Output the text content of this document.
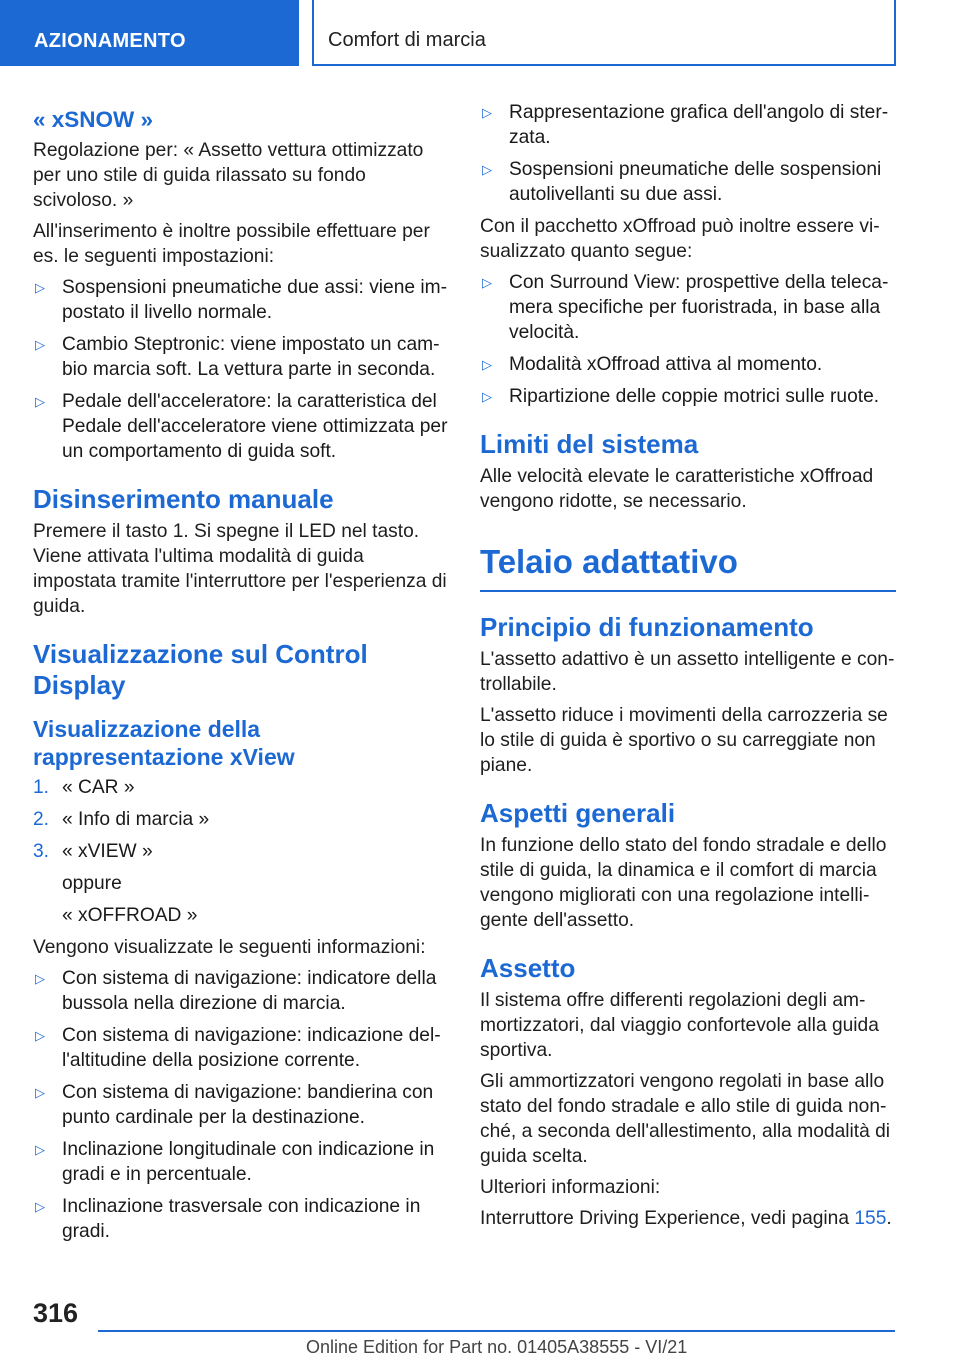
AZIONAMENTO	Comfort di marcia
« xSNOW »

Regolazione per: « Assetto vettura ottimizzato per uno stile di guida rilassato su fondo scivoloso. »

All'inserimento è inoltre possibile effettuare per es. le seguenti impostazioni:

▷ Sospensioni pneumatiche due assi: viene impostato il livello normale.
▷ Cambio Steptronic: viene impostato un cambio marcia soft. La vettura parte in seconda.
▷ Pedale dell'acceleratore: la caratteristica del Pedale dell'acceleratore viene ottimizzata per un comportamento di guida soft.
Disinserimento manuale

Premere il tasto 1. Si spegne il LED nel tasto. Viene attivata l'ultima modalità di guida impostata tramite l'interruttore per l'esperienza di guida.

Visualizzazione sul Control Display
Visualizzazione della rappresentazione xView
1. « CAR »
2. « Info di marcia »
3. « xVIEW »
oppure
« xOFFROAD »

Vengono visualizzate le seguenti informazioni:

▷ Con sistema di navigazione: indicatore della bussola nella direzione di marcia.
▷ Con sistema di navigazione: indicazione dell'altitudine della posizione corrente.
▷ Con sistema di navigazione: bandierina con punto cardinale per la destinazione.
▷ Inclinazione longitudinale con indicazione in gradi e in percentuale.
▷ Inclinazione trasversale con indicazione in gradi.
▷ Rappresentazione grafica dell'angolo di sterzata.
▷ Sospensioni pneumatiche delle sospensioni autolivellanti su due assi.

Con il pacchetto xOffroad può inoltre essere visualizzato quanto segue:

▷ Con Surround View: prospettive della telecamera specifiche per fuoristrada, in base alla velocità.
▷ Modalità xOffroad attiva al momento.
▷ Ripartizione delle coppie motrici sulle ruote.
Limiti del sistema

Alle velocità elevate le caratteristiche xOffroad vengono ridotte, se necessario.

Telaio adattativo
Principio di funzionamento

L'assetto adattivo è un assetto intelligente e controllabile.

L'assetto riduce i movimenti della carrozzeria se lo stile di guida è sportivo o su carreggiate non piane.

Aspetti generali

In funzione dello stato del fondo stradale e dello stile di guida, la dinamica e il comfort di marcia vengono migliorati con una regolazione intelligente dell'assetto.

Assetto

Il sistema offre differenti regolazioni degli ammortizzatori, dal viaggio confortevole alla guida sportiva.

Gli ammortizzatori vengono regolati in base allo stato del fondo stradale e allo stile di guida nonché, a seconda dell'allestimento, alla modalità di guida scelta.

Ulteriori informazioni:

Interruttore Driving Experience, vedi pagina 155.

316
Online Edition for Part no. 01405A38555 - VI/21
